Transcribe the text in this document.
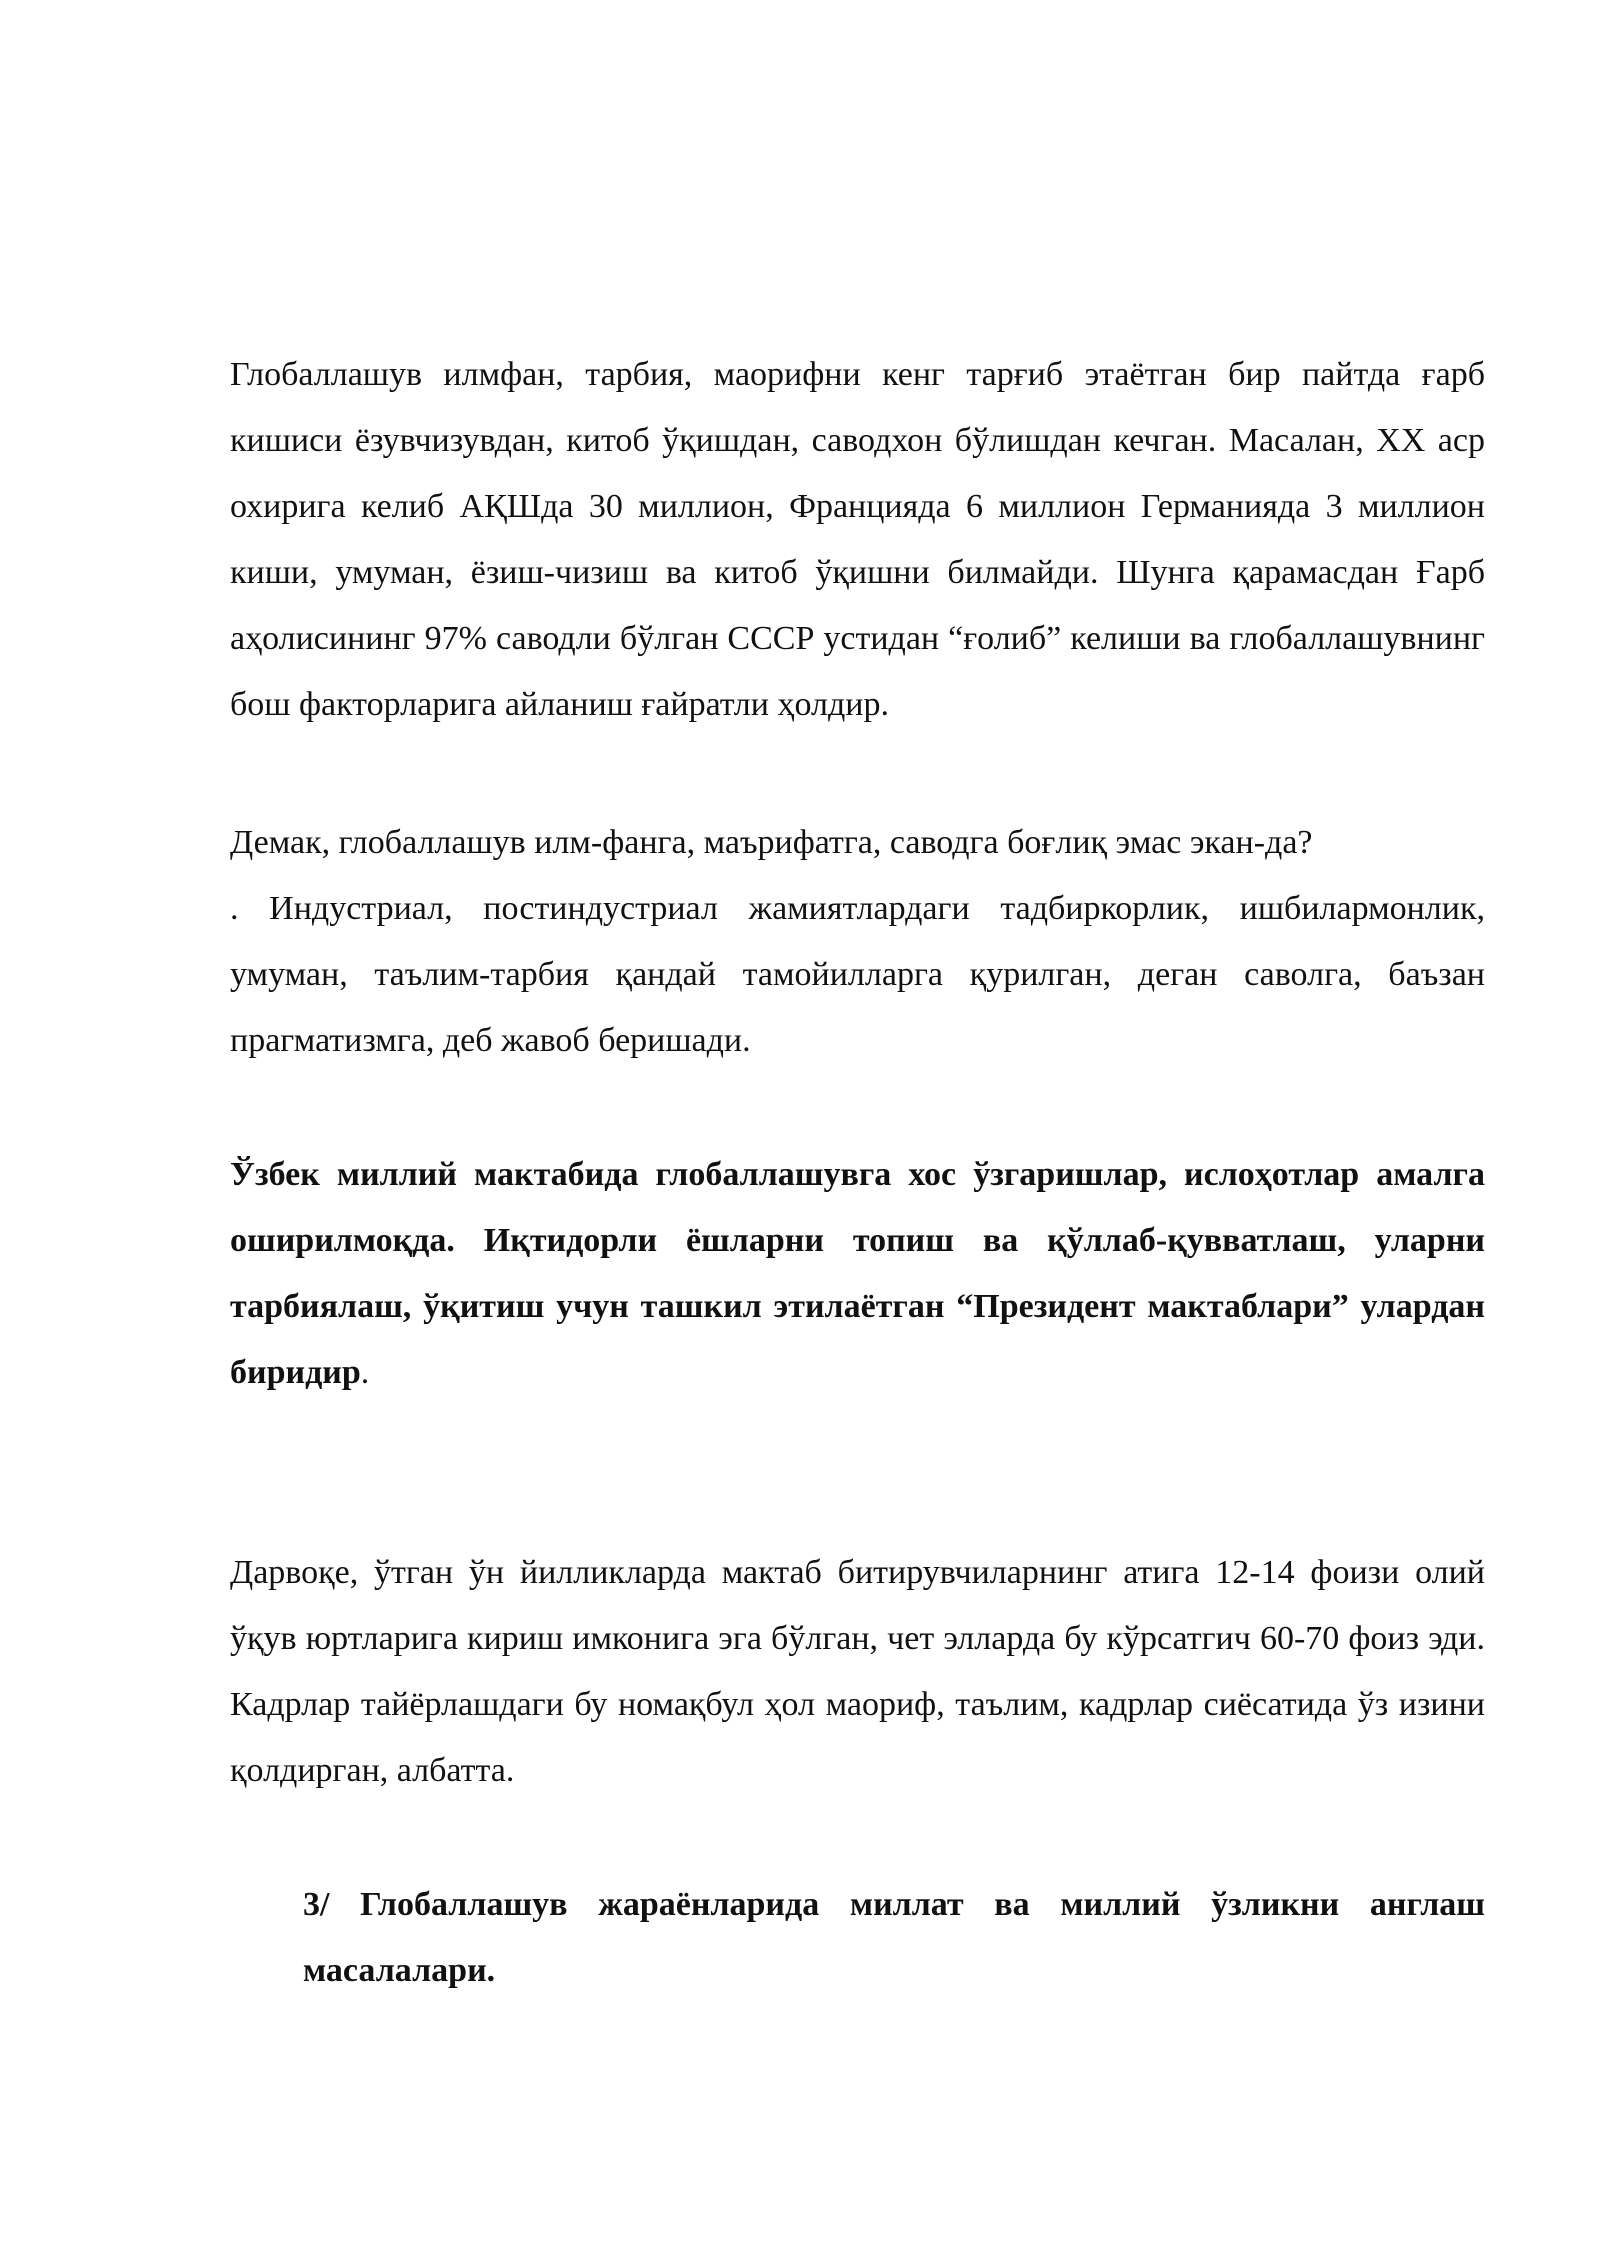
Глобаллашув илмфан, тарбия, маорифни кенг тарғиб этаётган бир пайтда ғарб кишиси ёзувчизувдан, китоб ўқишдан, саводхон бўлишдан кечган. Масалан, XX аср охирига келиб АҚШда 30 миллион, Францияда 6 миллион Германияда 3 миллион киши, умуман, ёзиш-чизиш ва китоб ўқишни билмайди. Шунга қарамасдан Ғарб аҳолисининг 97% саводли бўлган СССР устидан “ғолиб” келиши ва глобаллашувнинг бош факторларига айланиш ғайратли ҳолдир.
Демак, глобаллашув илм-фанга, маърифатга, саводга боғлиқ эмас экан-да?
. Индустриал, постиндустриал жамиятлардаги тадбиркорлик, ишбилармонлик, умуман, таълим-тарбия қандай тамойилларга қурилган, деган саволга, баъзан прагматизмга, деб жавоб беришади.
Ўзбек миллий мактабида глобаллашувга хос ўзгаришлар, ислоҳотлар амалга оширилмоқда. Иқтидорли ёшларни топиш ва қўллаб-қувватлаш, уларни тарбиялаш, ўқитиш учун ташкил этилаётган “Президент мактаблари” улардан биридир.
Дарвоқе, ўтган ўн йилликларда мактаб битирувчиларнинг атига 12-14 фоизи олий ўқув юртларига кириш имконига эга бўлган, чет элларда бу кўрсатгич 60-70 фоиз эди. Кадрлар тайёрлашдаги бу номақбул ҳол маориф, таълим, кадрлар сиёсатида ўз изини қолдирган, албатта.
3/ Глобаллашув жараёнларида миллат ва миллий ўзликни англаш масалалари.
